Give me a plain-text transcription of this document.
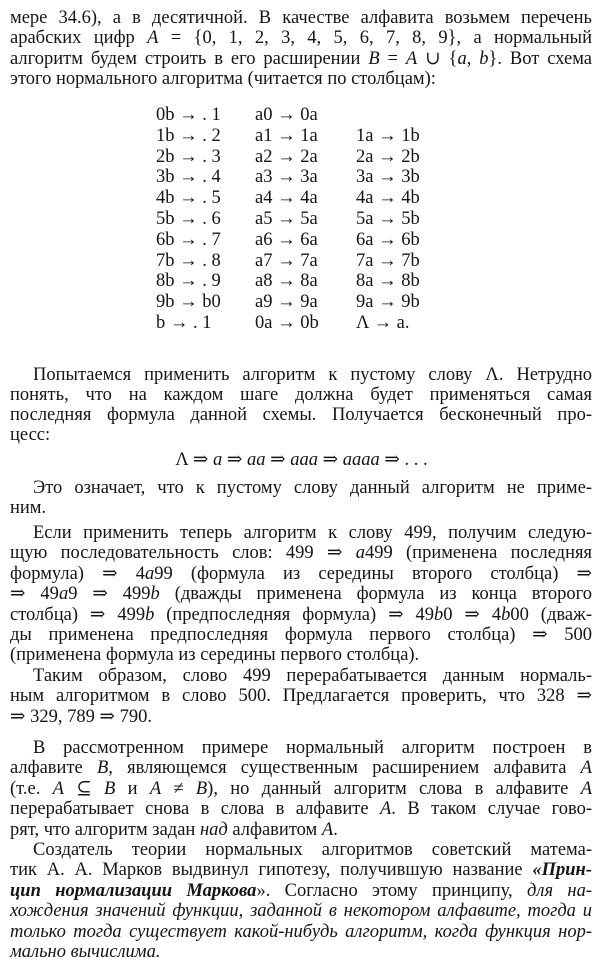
мере 34.6), а в десятичной. В качестве алфавита возьмем перечень
арабских цифр A = {0, 1, 2, 3, 4, 5, 6, 7, 8, 9}, а нормальный
алгоритм будем строить в его расширении B = A ∪ {a, b}. Вот схема
этого нормального алгоритма (читается по столбцам):
0b → . 1	a0 → 0a	
1b → . 2	a1 → 1a	1a → 1b
2b → . 3	a2 → 2a	2a → 2b
3b → . 4	a3 → 3a	3a → 3b
4b → . 5	a4 → 4a	4a → 4b
5b → . 6	a5 → 5a	5a → 5b
6b → . 7	a6 → 6a	6a → 6b
7b → . 8	a7 → 7a	7a → 7b
8b → . 9	a8 → 8a	8a → 8b
9b → b0	a9 → 9a	9a → 9b
b → . 1	0a → 0b	Λ → a.
Попытаемся применить алгоритм к пустому слову Λ. Нетрудно
понять, что на каждом шаге должна будет применяться самая
последняя формула данной схемы. Получается бесконечный про-
цесс:
Λ ⇒ a ⇒ aa ⇒ aaa ⇒ aaaa ⇒ . . .
Это означает, что к пустому слову данный алгоритм не приме-
ним.
Если применить теперь алгоритм к слову 499, получим следую-
щую последовательность слов: 499 ⇒ a499 (применена последняя
формула) ⇒ 4a99 (формула из середины второго столбца) ⇒
⇒ 49a9 ⇒ 499b (дважды применена формула из конца второго
столбца) ⇒ 499b (предпоследняя формула) ⇒ 49b0 ⇒ 4b00 (дваж-
ды применена предпоследняя формула первого столбца) ⇒ 500
(применена формула из середины первого столбца).
Таким образом, слово 499 перерабатывается данным нормаль-
ным алгоритмом в слово 500. Предлагается проверить, что 328 ⇒
⇒ 329, 789 ⇒ 790.
В рассмотренном примере нормальный алгоритм построен в
алфавите B, являющемся существенным расширением алфавита A
(т.е. A ⊆ B и A ≠ B), но данный алгоритм слова в алфавите A
перерабатывает снова в слова в алфавите A. В таком случае гово-
рят, что алгоритм задан над алфавитом A.
Создатель теории нормальных алгоритмов советский матема-
тик А. А. Марков выдвинул гипотезу, получившую название «Прин-
цип нормализации Маркова». Согласно этому принципу, для на-
хождения значений функции, заданной в некотором алфавите, тогда и
только тогда существует какой-нибудь алгоритм, когда функция нор-
мально вычислима.
